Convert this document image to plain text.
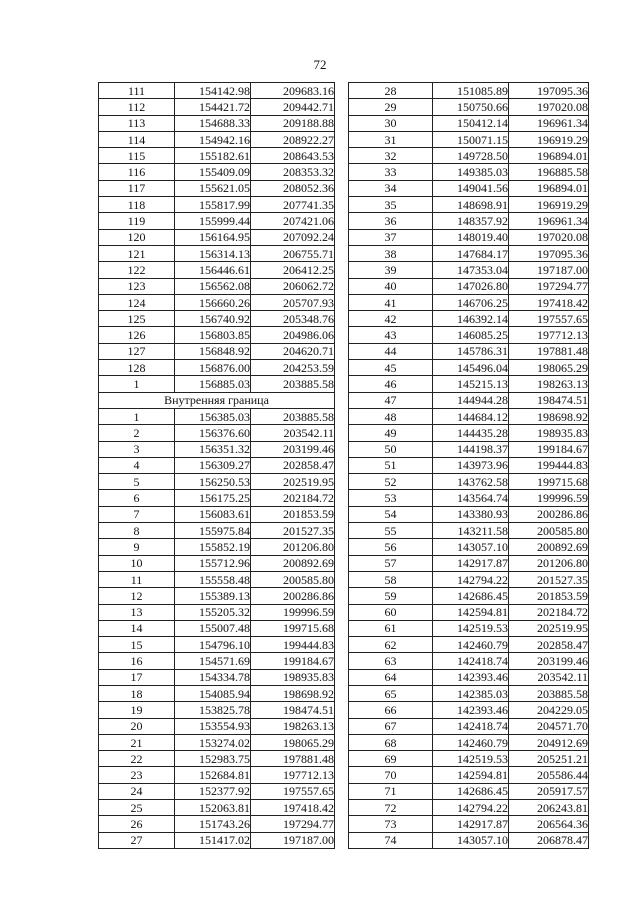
72
111	154142.98	209683.16
112	154421.72	209442.71
113	154688.33	209188.88
114	154942.16	208922.27
115	155182.61	208643.53
116	155409.09	208353.32
117	155621.05	208052.36
118	155817.99	207741.35
119	155999.44	207421.06
120	156164.95	207092.24
121	156314.13	206755.71
122	156446.61	206412.25
123	156562.08	206062.72
124	156660.26	205707.93
125	156740.92	205348.76
126	156803.85	204986.06
127	156848.92	204620.71
128	156876.00	204253.59
1	156885.03	203885.58
Внутренняя граница		
1	156385.03	203885.58
2	156376.60	203542.11
3	156351.32	203199.46
4	156309.27	202858.47
5	156250.53	202519.95
6	156175.25	202184.72
7	156083.61	201853.59
8	155975.84	201527.35
9	155852.19	201206.80
10	155712.96	200892.69
11	155558.48	200585.80
12	155389.13	200286.86
13	155205.32	199996.59
14	155007.48	199715.68
15	154796.10	199444.83
16	154571.69	199184.67
17	154334.78	198935.83
18	154085.94	198698.92
19	153825.78	198474.51
20	153554.93	198263.13
21	153274.02	198065.29
22	152983.75	197881.48
23	152684.81	197712.13
24	152377.92	197557.65
25	152063.81	197418.42
26	151743.26	197294.77
27	151417.02	197187.00
28	151085.89	197095.36
29	150750.66	197020.08
30	150412.14	196961.34
31	150071.15	196919.29
32	149728.50	196894.01
33	149385.03	196885.58
34	149041.56	196894.01
35	148698.91	196919.29
36	148357.92	196961.34
37	148019.40	197020.08
38	147684.17	197095.36
39	147353.04	197187.00
40	147026.80	197294.77
41	146706.25	197418.42
42	146392.14	197557.65
43	146085.25	197712.13
44	145786.31	197881.48
45	145496.04	198065.29
46	145215.13	198263.13
47	144944.28	198474.51
48	144684.12	198698.92
49	144435.28	198935.83
50	144198.37	199184.67
51	143973.96	199444.83
52	143762.58	199715.68
53	143564.74	199996.59
54	143380.93	200286.86
55	143211.58	200585.80
56	143057.10	200892.69
57	142917.87	201206.80
58	142794.22	201527.35
59	142686.45	201853.59
60	142594.81	202184.72
61	142519.53	202519.95
62	142460.79	202858.47
63	142418.74	203199.46
64	142393.46	203542.11
65	142385.03	203885.58
66	142393.46	204229.05
67	142418.74	204571.70
68	142460.79	204912.69
69	142519.53	205251.21
70	142594.81	205586.44
71	142686.45	205917.57
72	142794.22	206243.81
73	142917.87	206564.36
74	143057.10	206878.47
